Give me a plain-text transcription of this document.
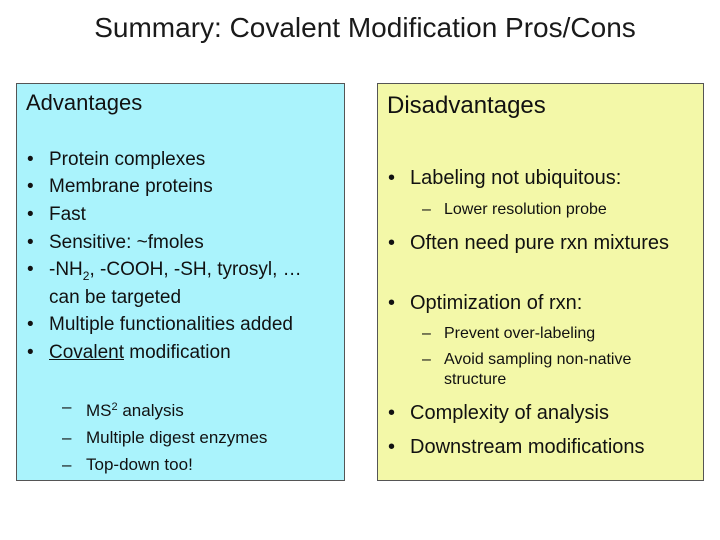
Summary: Covalent Modification Pros/Cons
Advantages
• Protein complexes
• Membrane proteins
• Fast
• Sensitive: ~fmoles
• $-NH_2$, -COOH, -SH, tyrosyl, … can be targeted
• Multiple functionalities added
• Covalent modification
– $MS^2$ analysis
– Multiple digest enzymes
– Top-down too!
Disadvantages
• Labeling not ubiquitous:
– Lower resolution probe
• Often need pure rxn mixtures
• Optimization of rxn:
– Prevent over-labeling
– Avoid sampling non-native structure
• Complexity of analysis
• Downstream modifications
